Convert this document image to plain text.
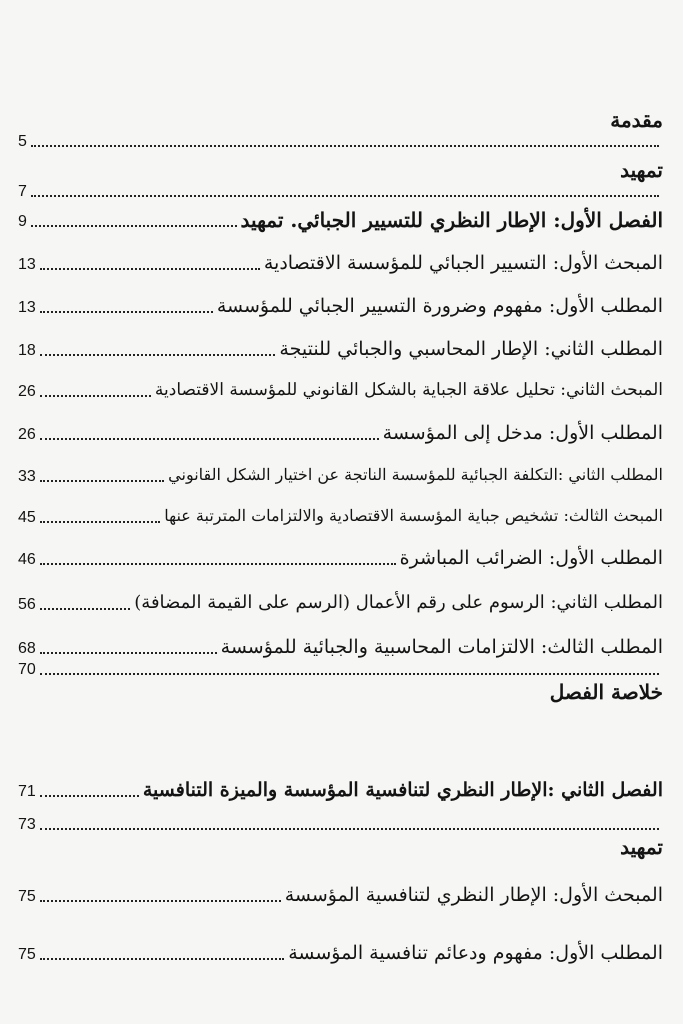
مقدمة
5
تمهيد
7
الفصل الأول: الإطار النظري للتسيير الجبائي. تمهيد
9
المبحث الأول: التسيير الجبائي للمؤسسة الاقتصادية
13
المطلب الأول: مفهوم وضرورة التسيير الجبائي للمؤسسة
13
المطلب الثاني: الإطار المحاسبي والجبائي للنتيجة
18
المبحث الثاني: تحليل علاقة الجباية بالشكل القانوني للمؤسسة الاقتصادية
26
المطلب الأول: مدخل إلى المؤسسة
26
المطلب الثاني :التكلفة الجبائية للمؤسسة الناتجة عن اختيار الشكل القانوني
33
المبحث الثالث: تشخيص جباية المؤسسة الاقتصادية والالتزامات المترتبة عنها
45
المطلب الأول: الضرائب المباشرة
46
المطلب الثاني: الرسوم على رقم الأعمال (الرسم على القيمة المضافة)
56
المطلب الثالث: الالتزامات المحاسبية والجبائية للمؤسسة
68
70
خلاصة الفصل
الفصل الثاني :الإطار النظري لتنافسية المؤسسة والميزة التنافسية
71
73
تمهيد
المبحث الأول: الإطار النظري لتنافسية المؤسسة
75
المطلب الأول: مفهوم ودعائم تنافسية المؤسسة
75
